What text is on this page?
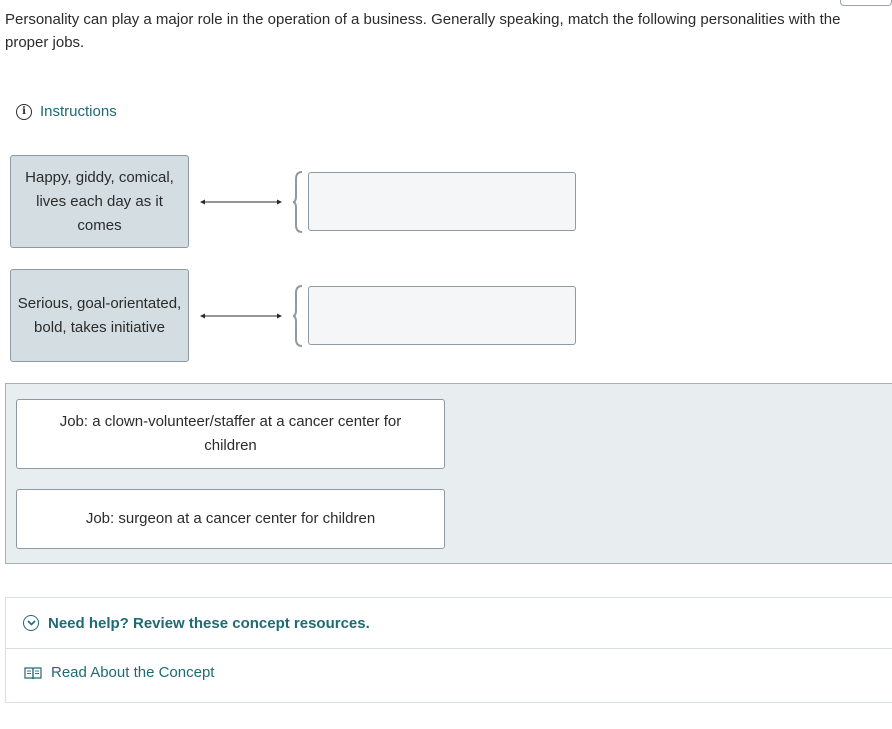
Personality can play a major role in the operation of a business. Generally speaking, match the following personalities with the proper jobs.
i Instructions
Happy, giddy, comical, lives each day as it comes
Serious, goal-orientated, bold, takes initiative
Job: a clown-volunteer/staffer at a cancer center for children
Job: surgeon at a cancer center for children
Need help? Review these concept resources.
Read About the Concept
